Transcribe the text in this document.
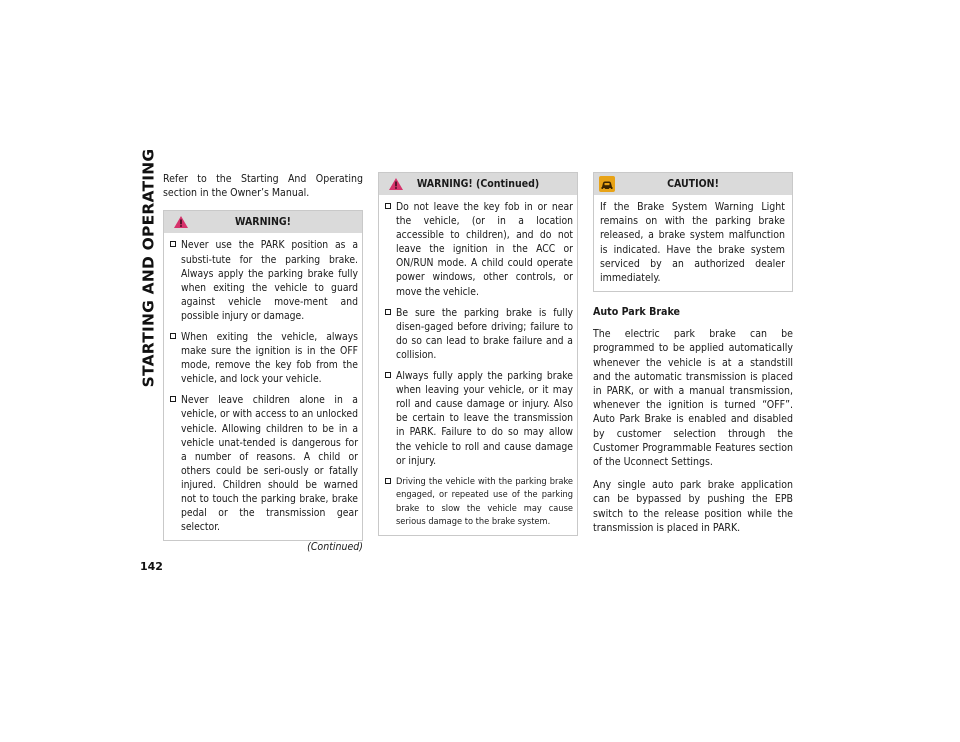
STARTING AND OPERATING Refer to the Starting And Operating section in the Owner’s Manual.

WARNING!
Never use the PARK position as a substi-tute for the parking brake. Always apply the parking brake fully when exiting the vehicle to guard against vehicle move-ment and possible injury or damage.
When exiting the vehicle, always make sure the ignition is in the OFF mode, remove the key fob from the vehicle, and lock your vehicle.
Never leave children alone in a vehicle, or with access to an unlocked vehicle. Allowing children to be in a vehicle unat-tended is dangerous for a number of reasons. A child or others could be seri-ously or fatally injured. Children should be warned not to touch the parking brake, brake pedal or the transmission gear selector.
(Continued)
WARNING! (Continued)
Do not leave the key fob in or near the vehicle, (or in a location accessible to children), and do not leave the ignition in the ACC or ON/RUN mode. A child could operate power windows, other controls, or move the vehicle.
Be sure the parking brake is fully disen-gaged before driving; failure to do so can lead to brake failure and a collision.
Always fully apply the parking brake when leaving your vehicle, or it may roll and cause damage or injury. Also be certain to leave the transmission in PARK. Failure to do so may allow the vehicle to roll and cause damage or injury.
Driving the vehicle with the parking brake engaged, or repeated use of the parking brake to slow the vehicle may cause serious damage to the brake system.
CAUTION!

If the Brake System Warning Light remains on with the parking brake released, a brake system malfunction is indicated. Have the brake system serviced by an authorized dealer immediately.

Auto Park Brake

The electric park brake can be programmed to be applied automatically whenever the vehicle is at a standstill and the automatic transmission is placed in PARK, or with a manual transmission, whenever the ignition is turned “OFF”. Auto Park Brake is enabled and disabled by customer selection through the Customer Programmable Features section of the Uconnect Settings.

Any single auto park brake application can be bypassed by pushing the EPB switch to the release position while the transmission is placed in PARK.

142
